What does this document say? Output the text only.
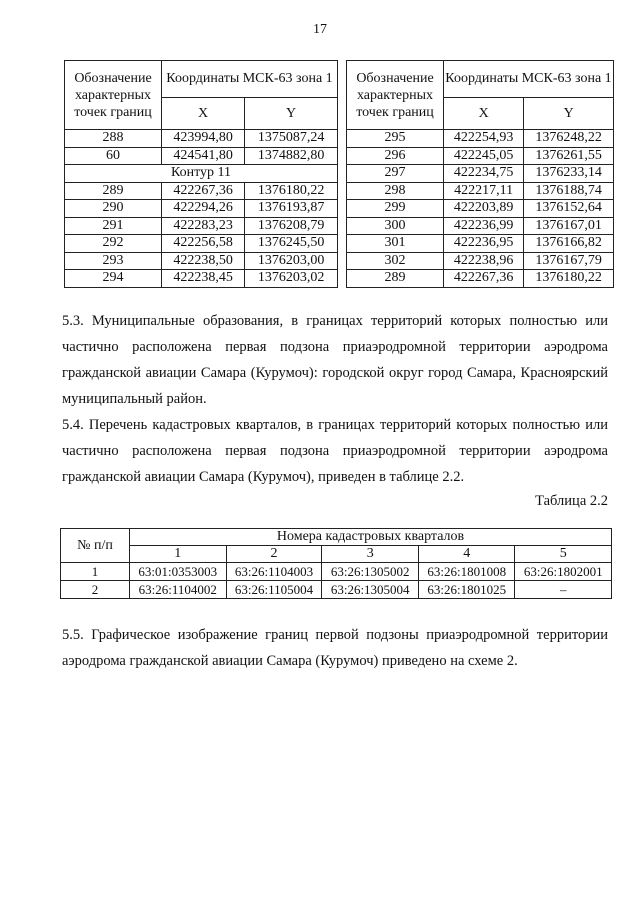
17
Обозначение характерных точек границ	Координаты МСК-63 зона 1	
	X	Y
288	423994,80	1375087,24
60	424541,80	1374882,80
Контур 11		
289	422267,36	1376180,22
290	422294,26	1376193,87
291	422283,23	1376208,79
292	422256,58	1376245,50
293	422238,50	1376203,00
294	422238,45	1376203,02
Обозначение характерных точек границ	Координаты МСК-63 зона 1	
	X	Y
295	422254,93	1376248,22
296	422245,05	1376261,55
297	422234,75	1376233,14
298	422217,11	1376188,74
299	422203,89	1376152,64
300	422236,99	1376167,01
301	422236,95	1376166,82
302	422238,96	1376167,79
289	422267,36	1376180,22

5.3. Муниципальные образования, в границах территорий которых полностью или частично расположена первая подзона приаэродромной территории аэродрома гражданской авиации Самара (Курумоч): городской округ город Самара, Красноярский муниципальный район.

5.4. Перечень кадастровых кварталов, в границах территорий которых полностью или частично расположена первая подзона приаэродромной территории аэродрома гражданской авиации Самара (Курумоч), приведен в таблице 2.2.

Таблица 2.2
№ п/п	Номера кадастровых кварталов				
	1	2	3	4	5
1	63:01:0353003	63:26:1104003	63:26:1305002	63:26:1801008	63:26:1802001
2	63:26:1104002	63:26:1105004	63:26:1305004	63:26:1801025	–

5.5. Графическое изображение границ первой подзоны приаэродромной территории аэродрома гражданской авиации Самара (Курумоч) приведено на схеме 2.
